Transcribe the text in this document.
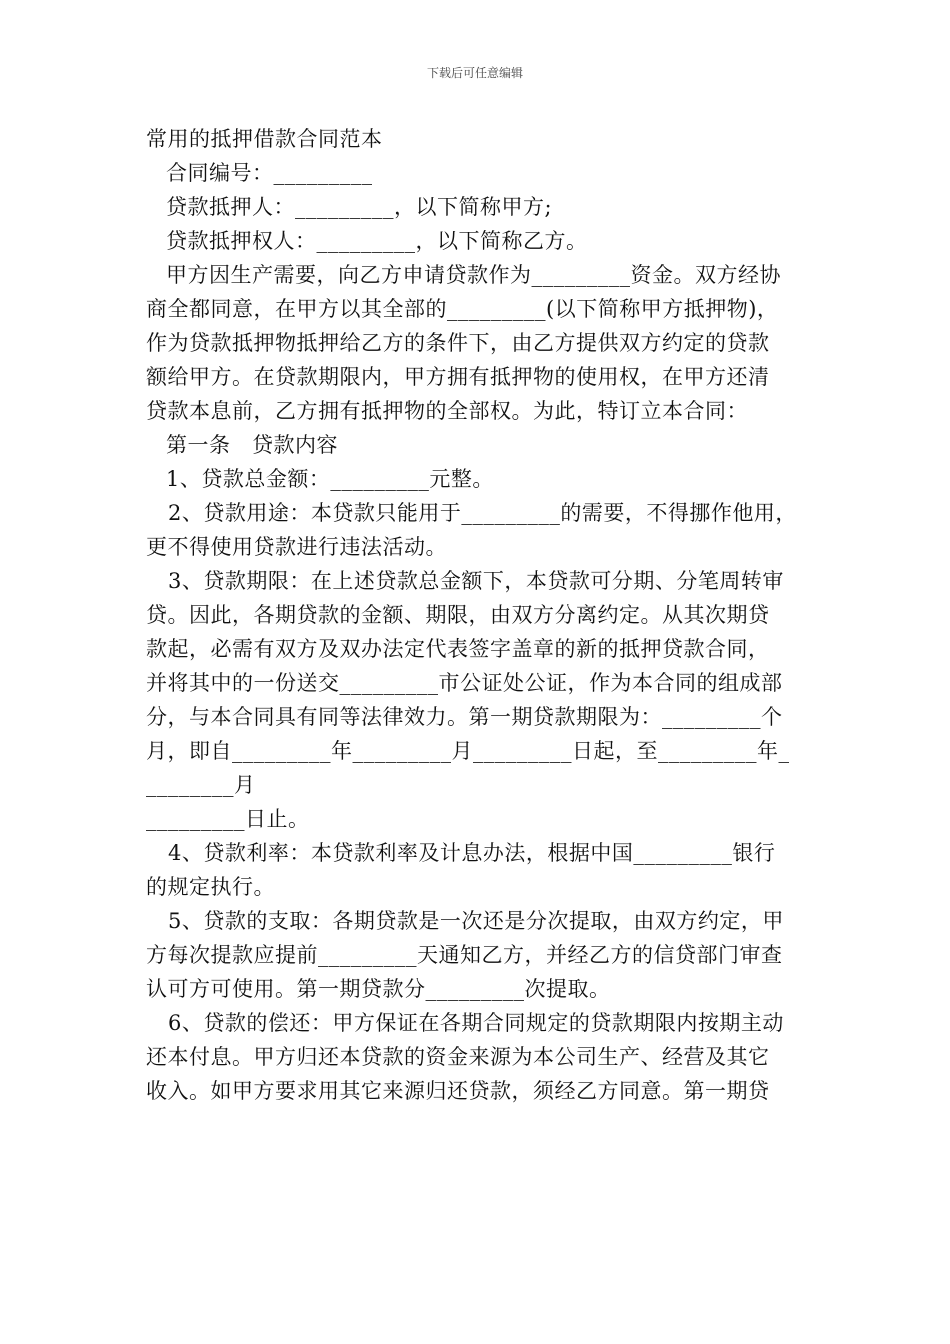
下载后可任意编辑
常用的抵押借款合同范本
合同编号：_________
贷款抵押人：_________，以下简称甲方;
贷款抵押权人：_________，以下简称乙方。
甲方因生产需要，向乙方申请贷款作为_________资金。双方经协
商全都同意，在甲方以其全部的_________(以下简称甲方抵押物)，
作为贷款抵押物抵押给乙方的条件下，由乙方提供双方约定的贷款
额给甲方。在贷款期限内，甲方拥有抵押物的使用权，在甲方还清
贷款本息前，乙方拥有抵押物的全部权。为此，特订立本合同：
第一条　贷款内容
1、贷款总金额：_________元整。
2、贷款用途：本贷款只能用于_________的需要，不得挪作他用，
更不得使用贷款进行违法活动。
3、贷款期限：在上述贷款总金额下，本贷款可分期、分笔周转审
贷。因此，各期贷款的金额、期限，由双方分离约定。从其次期贷
款起，必需有双方及双办法定代表签字盖章的新的抵押贷款合同，
并将其中的一份送交_________市公证处公证，作为本合同的组成部
分，与本合同具有同等法律效力。第一期贷款期限为：_________个
月，即自_________年_________月_________日起，至_________年_
________月
_________日止。
4、贷款利率：本贷款利率及计息办法，根据中国_________银行
的规定执行。
5、贷款的支取：各期贷款是一次还是分次提取，由双方约定，甲
方每次提款应提前_________天通知乙方，并经乙方的信贷部门审查
认可方可使用。第一期贷款分_________次提取。
6、贷款的偿还：甲方保证在各期合同规定的贷款期限内按期主动
还本付息。甲方归还本贷款的资金来源为本公司生产、经营及其它
收入。如甲方要求用其它来源归还贷款，须经乙方同意。第一期贷
